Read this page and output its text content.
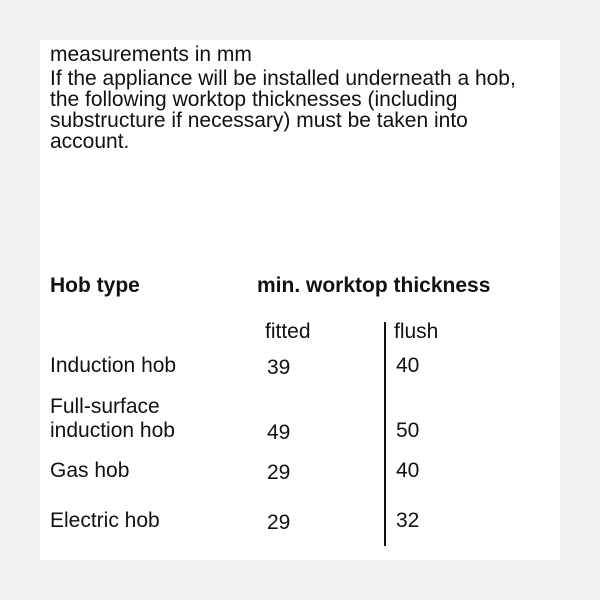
measurements in mm
If the appliance will be installed underneath a hob, the following worktop thicknesses (including substructure if necessary) must be taken into account.
Hob type	min. worktop thickness
fitted	flush
Induction hob	39	40
Full-surface
induction hob	49	50
Gas hob	29	40
Electric hob	29	32
